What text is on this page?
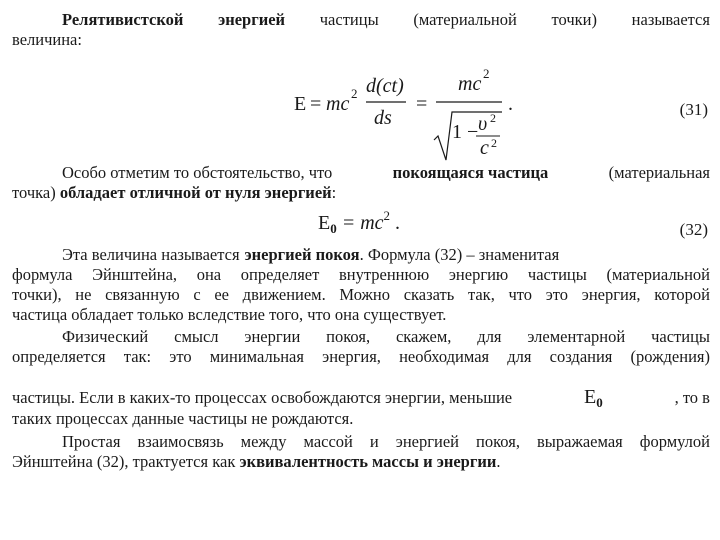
Релятивистской энергией частицы (материальной точки) называется
величина:
E = mc 2 d(ct)
ds
=
mc 2
1 − υ 2
c 2
.	(31)
Особо отметим то обстоятельство, что	покоящаяся частица	(материальная
точка) обладает отличной от нуля энергией:
$E_0 = mc^2$ .	(32)
Эта величина называется энергией покоя. Формула (32) – знаменитая
формула Эйнштейна, она определяет внутреннюю энергию частицы (материальной
точки), не связанную с ее движением. Можно сказать так, что это энергия, которой
частица обладает только вследствие того, что она существует.
Физический смысл энергии покоя, скажем, для элементарной частицы
определяется так: это минимальная энергия, необходимая для создания (рождения)
частицы. Если в каких-то процессах освобождаются энергии, меньшие	$E_0$	, то в
таких процессах данные частицы не рождаются.
Простая взаимосвязь между массой и энергией покоя, выражаемая формулой
Эйнштейна (32), трактуется как эквивалентность массы и энергии.
